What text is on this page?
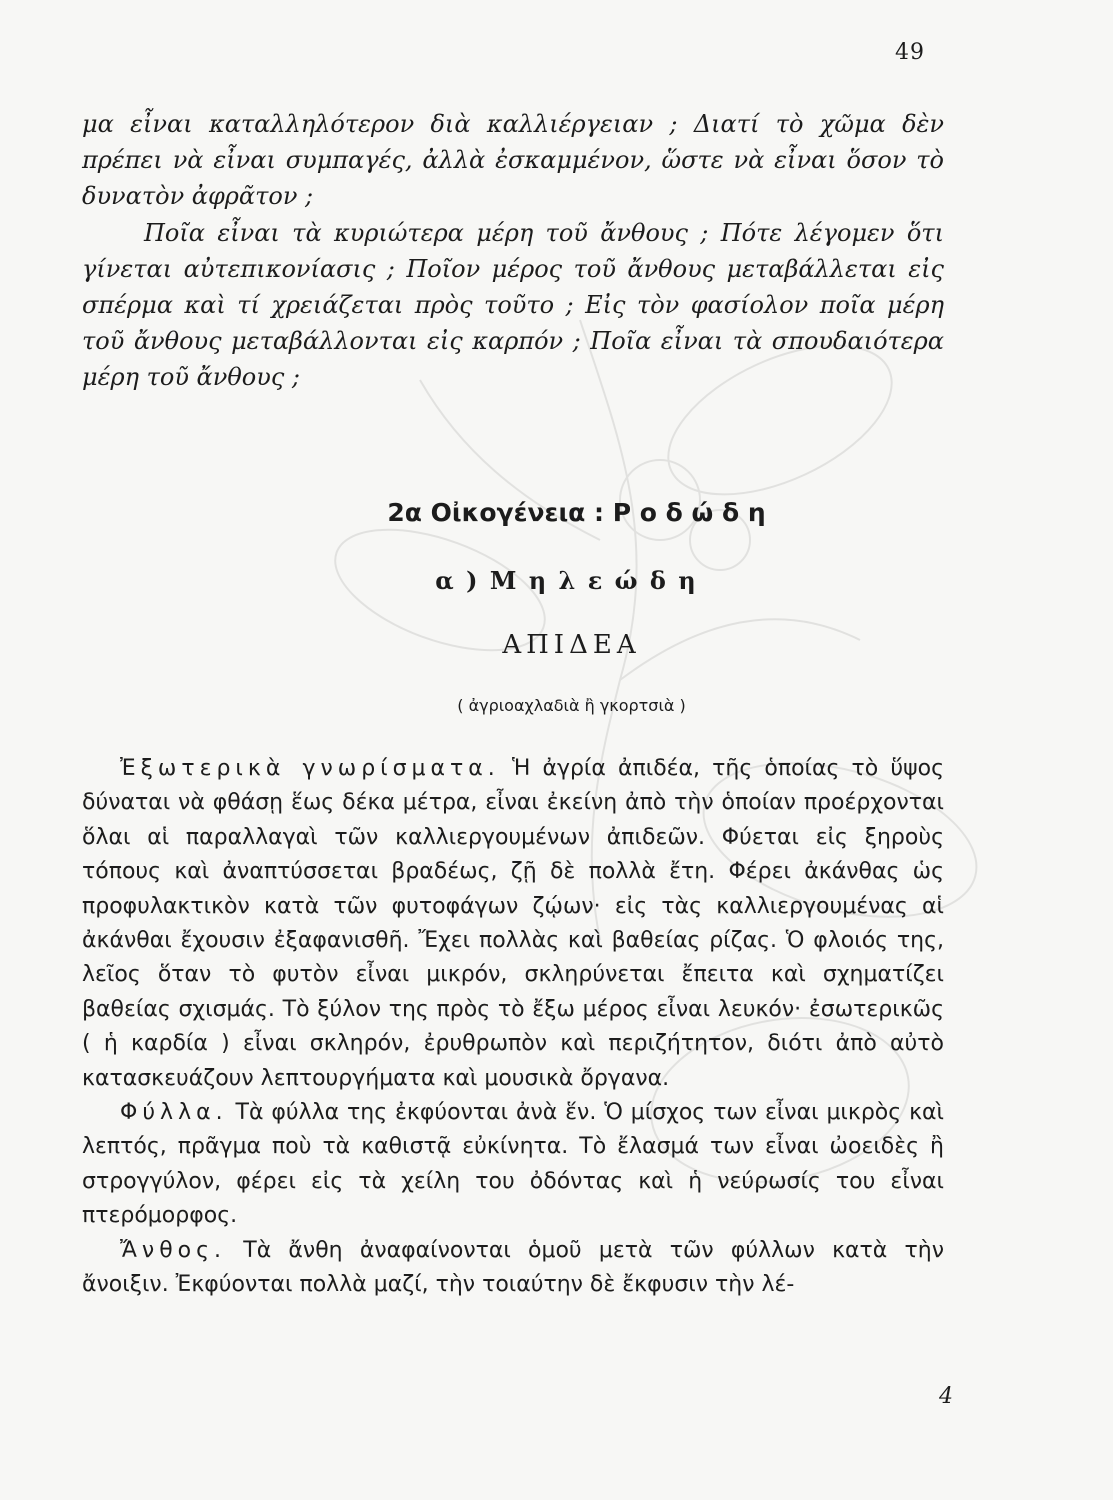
49

μα εἶναι καταλληλότερον διὰ καλλιέργειαν ; Διατί τὸ χῶμα δὲν πρέπει νὰ εἶναι συμπαγές, ἀλλὰ ἐσκαμμένον, ὥστε νὰ εἶναι ὅσον τὸ δυνατὸν ἀφρᾶτον ;

Ποῖα εἶναι τὰ κυριώτερα μέρη τοῦ ἄνθους ; Πότε λέγομεν ὅτι γίνεται αὐτεπικονίασις ; Ποῖον μέρος τοῦ ἄνθους μεταβάλλεται εἰς σπέρμα καὶ τί χρειάζεται πρὸς τοῦτο ; Εἰς τὸν φασίολον ποῖα μέρη τοῦ ἄνθους μεταβάλλονται εἰς καρπόν ; Ποῖα εἶναι τὰ σπουδαιότερα μέρη τοῦ ἄνθους ;

2α Οἰκογένεια : Ρ ο δ ώ δ η
α ) Μ η λ ε ώ δ η
ΑΠΙΔΕΑ
( ἀγριοαχλαδιὰ ἢ γκορτσιὰ )

Ἐξωτερικὰ γνωρίσματα. Ἡ ἀγρία ἀπιδέα, τῆς ὁποίας τὸ ὕψος δύναται νὰ φθάσῃ ἕως δέκα μέτρα, εἶναι ἐκείνη ἀπὸ τὴν ὁποίαν προέρχονται ὅλαι αἱ παραλλαγαὶ τῶν καλλιεργουμένων ἀπιδεῶν. Φύεται εἰς ξηροὺς τόπους καὶ ἀναπτύσσεται βραδέως, ζῇ δὲ πολλὰ ἔτη. Φέρει ἀκάνθας ὡς προφυλακτικὸν κατὰ τῶν φυτοφάγων ζῴων· εἰς τὰς καλλιεργουμένας αἱ ἀκάνθαι ἔχουσιν ἐξαφανισθῆ. Ἔχει πολλὰς καὶ βαθείας ρίζας. Ὁ φλοιός της, λεῖος ὅταν τὸ φυτὸν εἶναι μικρόν, σκληρύνεται ἔπειτα καὶ σχηματίζει βαθείας σχισμάς. Τὸ ξύλον της πρὸς τὸ ἔξω μέρος εἶναι λευκόν· ἐσωτερικῶς ( ἡ καρδία ) εἶναι σκληρόν, ἐρυθρωπὸν καὶ περιζήτητον, διότι ἀπὸ αὐτὸ κατασκευάζουν λεπτουργήματα καὶ μουσικὰ ὄργανα.

Φύλλα. Τὰ φύλλα της ἐκφύονται ἀνὰ ἕν. Ὁ μίσχος των εἶναι μικρὸς καὶ λεπτός, πρᾶγμα ποὺ τὰ καθιστᾷ εὐκίνητα. Τὸ ἔλασμά των εἶναι ὠοειδὲς ἢ στρογγύλον, φέρει εἰς τὰ χείλη του ὀδόντας καὶ ἡ νεύρωσίς του εἶναι πτερόμορφος.

Ἄνθος. Τὰ ἄνθη ἀναφαίνονται ὁμοῦ μετὰ τῶν φύλλων κατὰ τὴν ἄνοιξιν. Ἐκφύονται πολλὰ μαζί, τὴν τοιαύτην δὲ ἔκφυσιν τὴν λέ-

4
